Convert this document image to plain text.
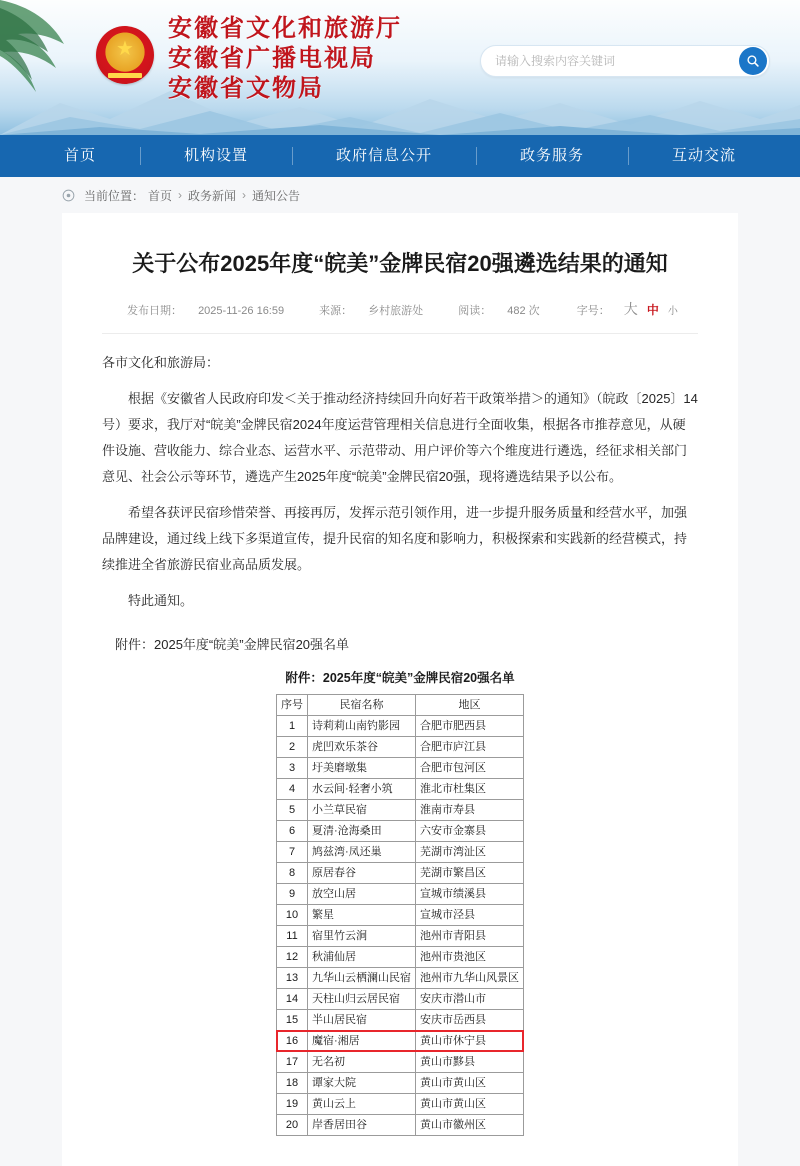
★
安徽省文化和旅游厅
安徽省广播电视局
安徽省文物局
请输入搜索内容关键词
首页	机构设置	政府信息公开	政务服务	互动交流
当前位置： 首页 › 政务新闻 › 通知公告
关于公布2025年度“皖美”金牌民宿20强遴选结果的通知
发布日期： 2025-11-26 16:59	来源： 乡村旅游处	阅读： 482 次	字号： 大 中 小

各市文化和旅游局：

根据《安徽省人民政府印发＜关于推动经济持续回升向好若干政策举措＞的通知》（皖政〔2025〕14号）要求，我厅对“皖美”金牌民宿2024年度运营管理相关信息进行全面收集，根据各市推荐意见，从硬件设施、营收能力、综合业态、运营水平、示范带动、用户评价等六个维度进行遴选，经征求相关部门意见、社会公示等环节，遴选产生2025年度“皖美”金牌民宿20强，现将遴选结果予以公布。

希望各获评民宿珍惜荣誉、再接再厉，发挥示范引领作用，进一步提升服务质量和经营水平，加强品牌建设，通过线上线下多渠道宣传，提升民宿的知名度和影响力，积极探索和实践新的经营模式，持续推进全省旅游民宿业高品质发展。

特此通知。

附件：2025年度“皖美”金牌民宿20强名单

附件：2025年度“皖美”金牌民宿20强名单
序号	民宿名称	地区
1	诗莉莉山南钓影园	合肥市肥西县
2	虎凹欢乐茶谷	合肥市庐江县
3	圩美磨墩集	合肥市包河区
4	水云间·轻奢小筑	淮北市杜集区
5	小兰草民宿	淮南市寿县
6	夏清·沧海桑田	六安市金寨县
7	鸠兹湾·凤还巢	芜湖市湾沚区
8	原居春谷	芜湖市繁昌区
9	放空山居	宣城市绩溪县
10	繁星	宣城市泾县
11	宿里竹云涧	池州市青阳县
12	秋浦仙居	池州市贵池区
13	九华山云栖澜山民宿	池州市九华山风景区
14	天柱山归云居民宿	安庆市潜山市
15	半山居民宿	安庆市岳西县
16	魔宿·湘居	黄山市休宁县
17	无名初	黄山市黟县
18	谭家大院	黄山市黄山区
19	黄山云上	黄山市黄山区
20	岸香居田谷	黄山市徽州区
